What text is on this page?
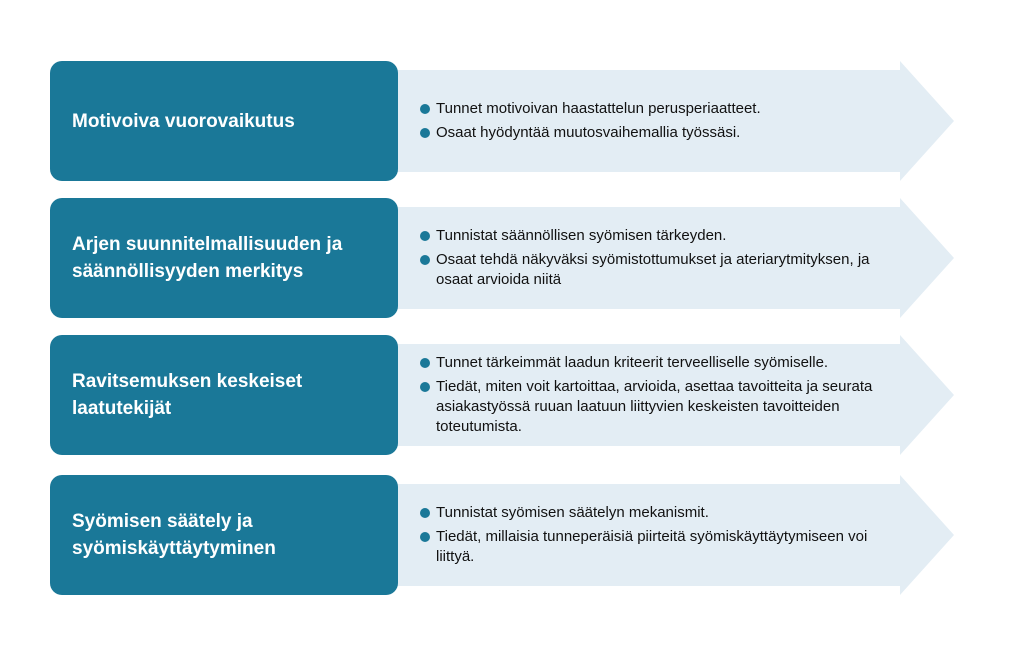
Motivoiva vuorovaikutus
Tunnet motivoivan haastattelun perusperiaatteet.
Osaat hyödyntää muutosvaihemallia työssäsi.
Arjen suunnitelmallisuuden ja säännöllisyyden merkitys
Tunnistat säännöllisen syömisen tärkeyden.
Osaat tehdä näkyväksi syömistottumukset ja ateriarytmityksen, ja osaat arvioida niitä
Ravitsemuksen keskeiset laatutekijät
Tunnet tärkeimmät laadun kriteerit terveelliselle syömiselle.
Tiedät, miten voit kartoittaa, arvioida, asettaa tavoitteita ja seurata asiakastyössä ruuan laatuun liittyvien keskeisten tavoitteiden toteutumista.
Syömisen säätely ja syömiskäyttäytyminen
Tunnistat syömisen säätelyn mekanismit.
Tiedät, millaisia tunneperäisiä piirteitä syömiskäyttäytymiseen voi liittyä.
